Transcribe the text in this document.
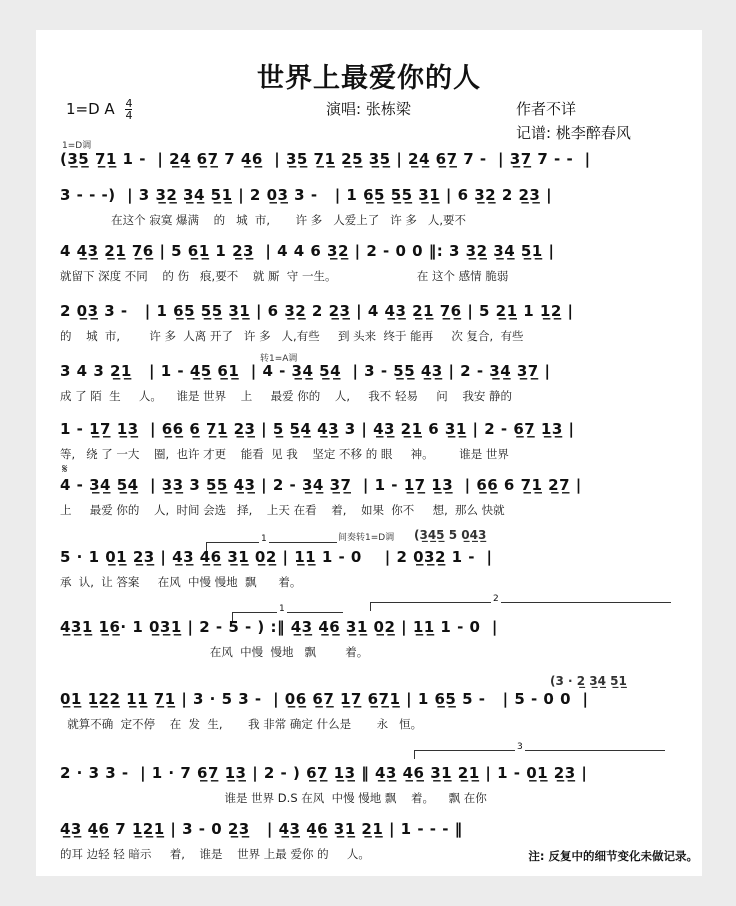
世界上最爱你的人
1=D A $\frac{4}{4}$	演唱: 张栋梁	作者不详
记谱: 桃李醉春风
1=D调
(3̲5̲ 7̲1̲ 1 -  | 2̲4̲ 6̲7̲ 7 4̲6̲  | 3̲5̲ 7̲1̲ 2̲5̲ 3̲5̲ | 2̲4̲ 6̲7̲ 7 -  | 3̲7̲ 7 - -  |
3 - - -)  | 3 3̲2̲ 3̲4̲ 5̲1̲ | 2 0̲3̲ 3 -   | 1 6̲5̲ 5̲5̲ 3̲1̲ | 6 3̲2̲ 2 2̲3̲ |
在这个 寂寞 爆满    的   城  市,       许 多   人爱上了   许 多   人,要不
4 4̲3̲ 2̲1̲ 7̲6̲ | 5 6̲1̲ 1 2̲3̲  | 4 4 6 3̲2̲ | 2 - 0 0 ‖: 3 3̲2̲ 3̲4̲ 5̲1̲ |
就留下 深度 不同    的 伤   痕,要不    就 厮  守 一生。                      在 这个 感情 脆弱
2 0̲3̲ 3 -   | 1 6̲5̲ 5̲5̲ 3̲1̲ | 6 3̲2̲ 2 2̲3̲ | 4 4̲3̲ 2̲1̲ 7̲6̲ | 5 2̲1̲ 1 1̲2̲ |
的    城  市,        许 多  人离 开了   许 多   人,有些     到 头来  终于 能再     次 复合,  有些
转1=A调
3 4 3 2̲1̲   | 1 - 4̲5̲ 6̲1̲  | 4 - 3̲4̲ 5̲4̲  | 3 - 5̲5̲ 4̲3̲ | 2 - 3̲4̲ 3̲7̲ |
成 了 陌  生     人。    谁是 世界    上     最爱 你的    人,     我不 轻易     问    我安 静的
1 - 1̲7̲ 1̲3̲  | 6̲6̲ 6̲ 7̲1̲ 2̲3̲ | 5̲ 5̲4̲ 4̲3̲ 3 | 4̲3̲ 2̲1̲ 6 3̲1̲ | 2 - 6̲7̲ 1̲3̲ |
等,   绕 了 一大    圈,  也许 才更    能看  见 我    坚定 不移 的 眼     神。       谁是 世界
𝄋
4 - 3̲4̲ 5̲4̲  | 3̲3̲ 3 5̲5̲ 4̲3̲ | 2 - 3̲4̲ 3̲7̲  | 1 - 1̲7̲ 1̲3̲  | 6̲6̲ 6 7̲1̲ 2̲7̲ |
上     最爱 你的    人,  时间 会选   择,    上天 在看    着,    如果  你不     想,  那么 快就
1	间奏转1=D调 (3̲4̲5̲ 5 0̲4̲3̲
5 · 1 0̲1̲ 2̲3̲ | 4̲3̲ 4̲6̲ 3̲1̲ 0̲2̲ | 1̲1̲ 1 - 0    | 2 0̲3̲2̲ 1 -  |
承  认,  让 答案     在风  中慢 慢地  飘      着。
1
2
4̲3̲1̲ 1̲6̲· 1 0̲3̲1̲ | 2 - 5 - ) :‖ 4̲3̲ 4̲6̲ 3̲1̲ 0̲2̲ | 1̲1̲ 1 - 0  |
在风  中慢  慢地   飘        着。
(3 · 2̲ 3̲4̲ 5̲1̲
0̲1̲ 1̲2̲2̲ 1̲1̲ 7̲1̲ | 3 · 5 3 -  | 0̲6̲ 6̲7̲ 1̲7̲ 6̲7̲1̲ | 1 6̲5̲ 5 -   | 5 - 0 0  |
就算不确  定不停    在  发  生,       我 非常 确定 什么是       永   恒。
3
2 · 3 3 -  | 1 · 7 6̲7̲ 1̲3̲ | 2 - ) 6̲7̲ 1̲3̲ ‖ 4̲3̲ 4̲6̲ 3̲1̲ 2̲1̲ | 1 - 0̲1̲ 2̲3̲ |
谁是 世界 D.S 在风  中慢 慢地 飘    着。    飘 在你
4̲3̲ 4̲6̲ 7 1̲2̲1̲ | 3 - 0 2̲3̲   | 4̲3̲ 4̲6̲ 3̲1̲ 2̲1̲ | 1 - - - ‖
的耳 边轻 轻 暗示     着,    谁是    世界 上最 爱你 的     人。	注: 反复中的细节变化未做记录。
